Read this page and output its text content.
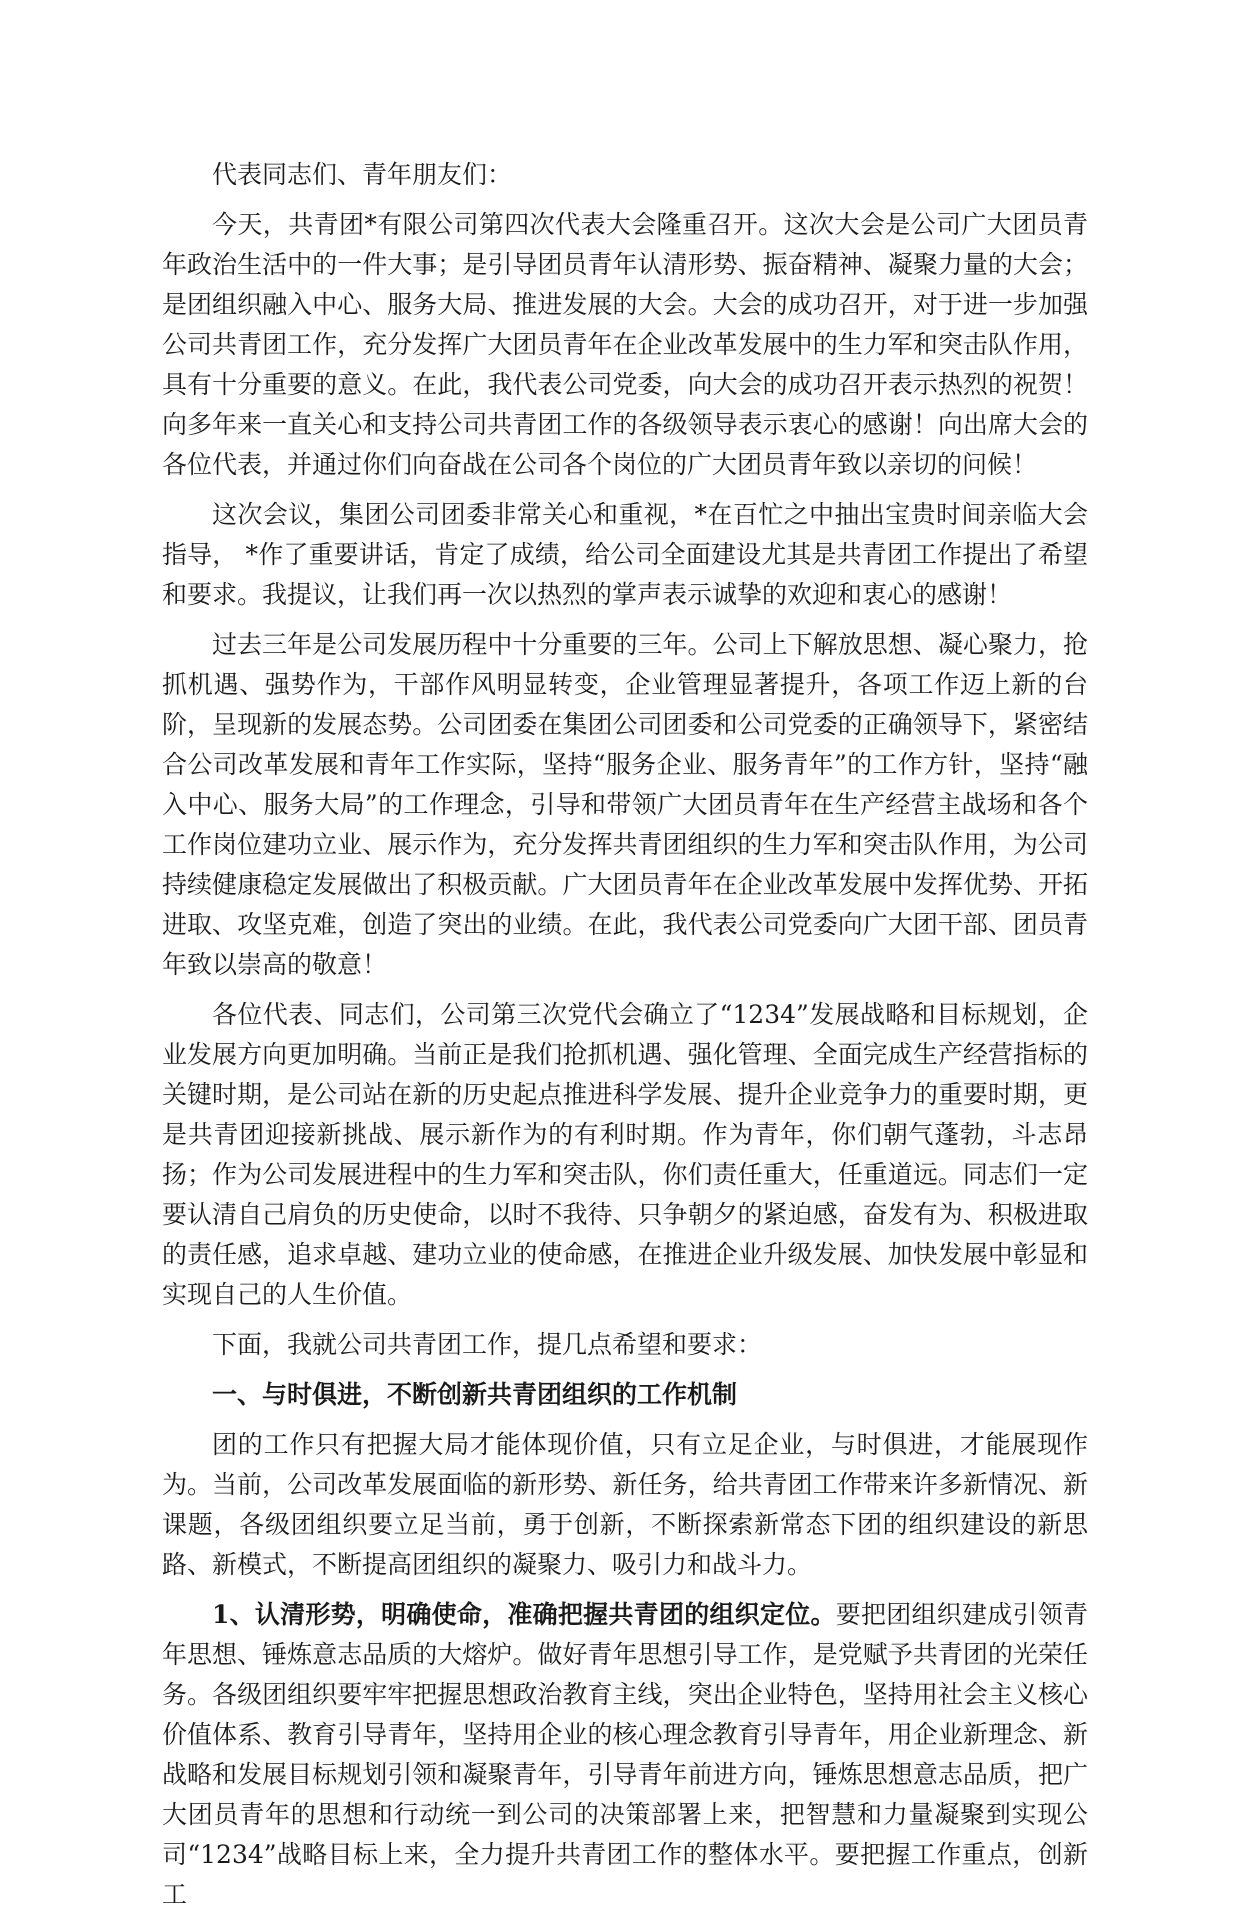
代表同志们、青年朋友们：

今天，共青团*有限公司第四次代表大会隆重召开。这次大会是公司广大团员青年政治生活中的一件大事；是引导团员青年认清形势、振奋精神、凝聚力量的大会；是团组织融入中心、服务大局、推进发展的大会。大会的成功召开，对于进一步加强公司共青团工作，充分发挥广大团员青年在企业改革发展中的生力军和突击队作用，具有十分重要的意义。在此，我代表公司党委，向大会的成功召开表示热烈的祝贺！向多年来一直关心和支持公司共青团工作的各级领导表示衷心的感谢！向出席大会的各位代表，并通过你们向奋战在公司各个岗位的广大团员青年致以亲切的问候！

这次会议，集团公司团委非常关心和重视，*在百忙之中抽出宝贵时间亲临大会指导， *作了重要讲话，肯定了成绩，给公司全面建设尤其是共青团工作提出了希望和要求。我提议，让我们再一次以热烈的掌声表示诚挚的欢迎和衷心的感谢！

过去三年是公司发展历程中十分重要的三年。公司上下解放思想、凝心聚力，抢抓机遇、强势作为，干部作风明显转变，企业管理显著提升，各项工作迈上新的台阶，呈现新的发展态势。公司团委在集团公司团委和公司党委的正确领导下，紧密结合公司改革发展和青年工作实际，坚持“服务企业、服务青年”的工作方针，坚持“融入中心、服务大局”的工作理念，引导和带领广大团员青年在生产经营主战场和各个工作岗位建功立业、展示作为，充分发挥共青团组织的生力军和突击队作用，为公司持续健康稳定发展做出了积极贡献。广大团员青年在企业改革发展中发挥优势、开拓进取、攻坚克难，创造了突出的业绩。在此，我代表公司党委向广大团干部、团员青年致以崇高的敬意！

各位代表、同志们，公司第三次党代会确立了“1234”发展战略和目标规划，企业发展方向更加明确。当前正是我们抢抓机遇、强化管理、全面完成生产经营指标的关键时期，是公司站在新的历史起点推进科学发展、提升企业竞争力的重要时期，更是共青团迎接新挑战、展示新作为的有利时期。作为青年，你们朝气蓬勃，斗志昂扬；作为公司发展进程中的生力军和突击队，你们责任重大，任重道远。同志们一定要认清自己肩负的历史使命，以时不我待、只争朝夕的紧迫感，奋发有为、积极进取的责任感，追求卓越、建功立业的使命感，在推进企业升级发展、加快发展中彰显和实现自己的人生价值。

下面，我就公司共青团工作，提几点希望和要求：

一、与时俱进，不断创新共青团组织的工作机制

团的工作只有把握大局才能体现价值，只有立足企业，与时俱进，才能展现作为。当前，公司改革发展面临的新形势、新任务，给共青团工作带来许多新情况、新课题，各级团组织要立足当前，勇于创新，不断探索新常态下团的组织建设的新思路、新模式，不断提高团组织的凝聚力、吸引力和战斗力。

1、认清形势，明确使命，准确把握共青团的组织定位。要把团组织建成引领青年思想、锤炼意志品质的大熔炉。做好青年思想引导工作，是党赋予共青团的光荣任务。各级团组织要牢牢把握思想政治教育主线，突出企业特色，坚持用社会主义核心价值体系、教育引导青年，坚持用企业的核心理念教育引导青年，用企业新理念、新战略和发展目标规划引领和凝聚青年，引导青年前进方向，锤炼思想意志品质，把广大团员青年的思想和行动统一到公司的决策部署上来，把智慧和力量凝聚到实现公司“1234”战略目标上来，全力提升共青团工作的整体水平。要把握工作重点，创新工
